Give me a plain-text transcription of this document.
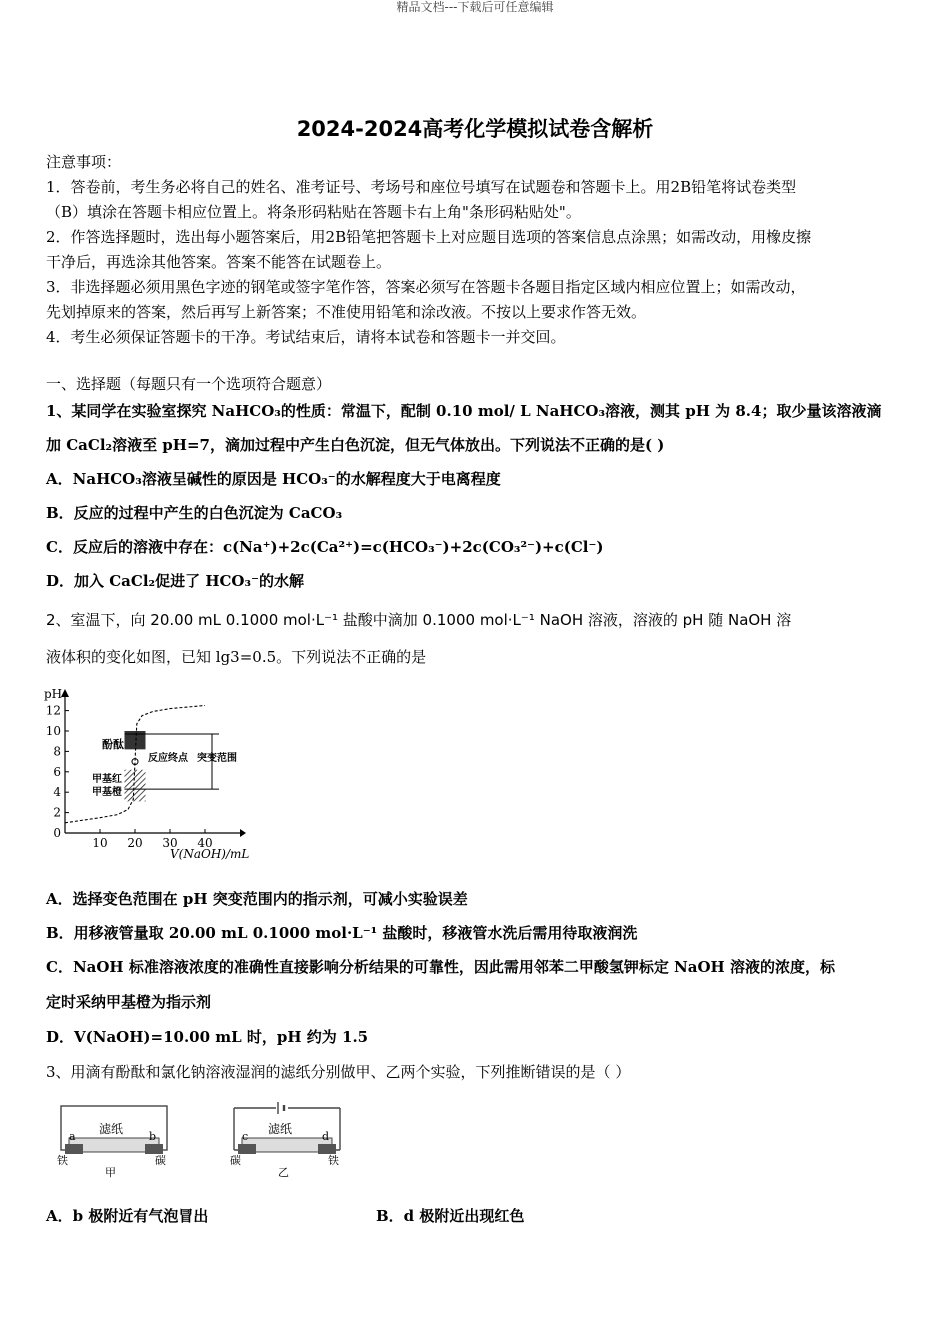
精品文档---下载后可任意编辑
2024-2024高考化学模拟试卷含解析
注意事项：
1．答卷前，考生务必将自己的姓名、准考证号、考场号和座位号填写在试题卷和答题卡上。用2B铅笔将试卷类型
（B）填涂在答题卡相应位置上。将条形码粘贴在答题卡右上角"条形码粘贴处"。
2．作答选择题时，选出每小题答案后，用2B铅笔把答题卡上对应题目选项的答案信息点涂黑；如需改动，用橡皮擦
干净后，再选涂其他答案。答案不能答在试题卷上。
3．非选择题必须用黑色字迹的钢笔或签字笔作答，答案必须写在答题卡各题目指定区域内相应位置上；如需改动，
先划掉原来的答案，然后再写上新答案；不准使用铅笔和涂改液。不按以上要求作答无效。
4．考生必须保证答题卡的干净。考试结束后，请将本试卷和答题卡一并交回。
一、选择题（每题只有一个选项符合题意）
1、某同学在实验室探究 NaHCO₃的性质：常温下，配制 0.10 mol/ L NaHCO₃溶液，测其 pH 为 8.4；取少量该溶液滴
加 CaCl₂溶液至 pH=7，滴加过程中产生白色沉淀，但无气体放出。下列说法不正确的是( )
A．NaHCO₃溶液呈碱性的原因是 HCO₃⁻的水解程度大于电离程度
B．反应的过程中产生的白色沉淀为 CaCO₃
C．反应后的溶液中存在：c(Na⁺)+2c(Ca²⁺)=c(HCO₃⁻)+2c(CO₃²⁻)+c(Cl⁻)
D．加入 CaCl₂促进了 HCO₃⁻的水解
2、室温下，向 20.00 mL 0.1000 mol·L⁻¹ 盐酸中滴加 0.1000 mol·L⁻¹ NaOH 溶液，溶液的 pH 随 NaOH 溶
液体积的变化如图，已知 lg3=0.5。下列说法不正确的是
pH
V(NaOH)/mL
0
2
4
6
8
10
12
10 20 30 40
酚酞
甲基红
甲基橙
反应终点 突变范围
A．选择变色范围在 pH 突变范围内的指示剂，可减小实验误差
B．用移液管量取 20.00 mL 0.1000 mol·L⁻¹ 盐酸时，移液管水洗后需用待取液润洗
C．NaOH 标准溶液浓度的准确性直接影响分析结果的可靠性，因此需用邻苯二甲酸氢钾标定 NaOH 溶液的浓度，标
定时采纳甲基橙为指示剂
D．V(NaOH)=10.00 mL 时，pH 约为 1.5
3、用滴有酚酞和氯化钠溶液湿润的滤纸分别做甲、乙两个实验，下列推断错误的是（ ）
滤纸
a	b
铁	碳
甲
滤纸
c	d
碳	铁
乙
A．b 极附近有气泡冒出	B．d 极附近出现红色
